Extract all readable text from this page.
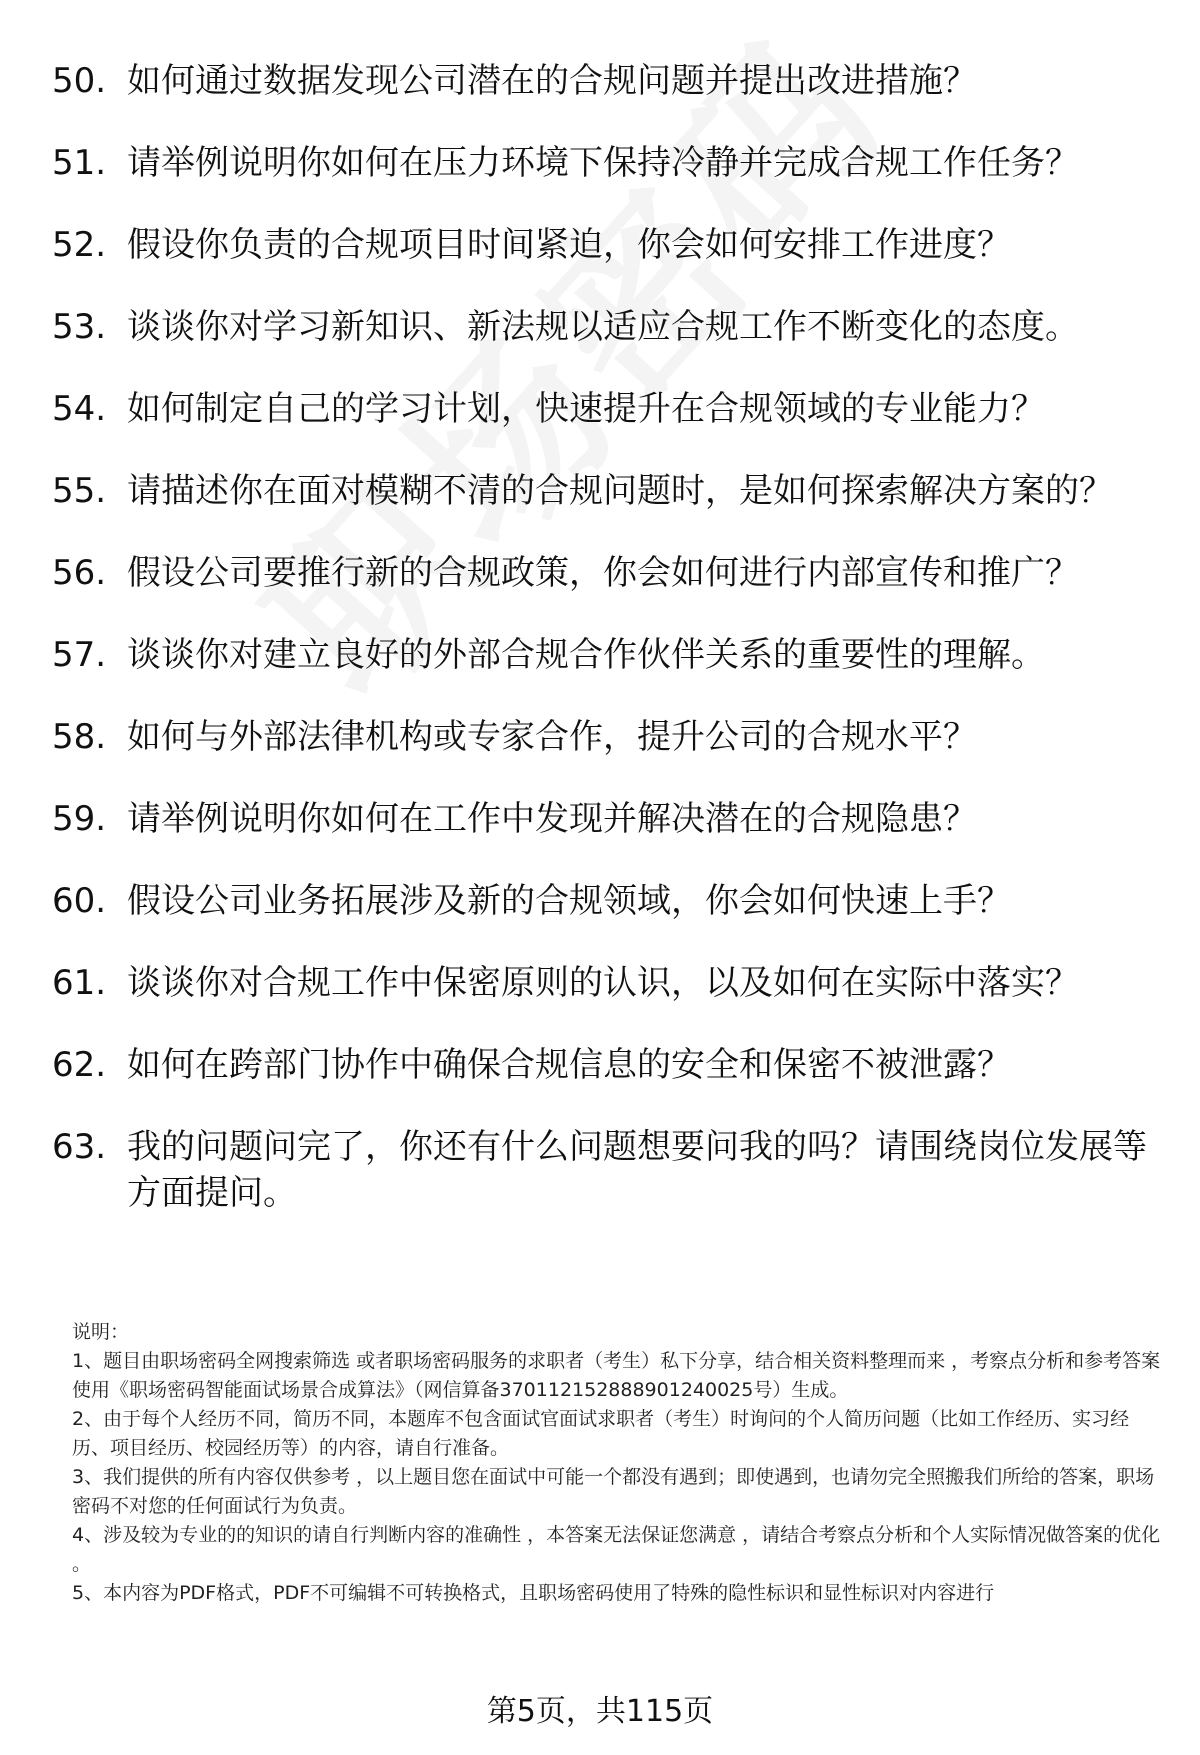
50. 如何通过数据发现公司潜在的合规问题并提出改进措施？
51. 请举例说明你如何在压力环境下保持冷静并完成合规工作任务？
52. 假设你负责的合规项目时间紧迫，你会如何安排工作进度？
53. 谈谈你对学习新知识、新法规以适应合规工作不断变化的态度。
54. 如何制定自己的学习计划，快速提升在合规领域的专业能力？
55. 请描述你在面对模糊不清的合规问题时，是如何探索解决方案的？
56. 假设公司要推行新的合规政策，你会如何进行内部宣传和推广？
57. 谈谈你对建立良好的外部合规合作伙伴关系的重要性的理解。
58. 如何与外部法律机构或专家合作，提升公司的合规水平？
59. 请举例说明你如何在工作中发现并解决潜在的合规隐患？
60. 假设公司业务拓展涉及新的合规领域，你会如何快速上手？
61. 谈谈你对合规工作中保密原则的认识，以及如何在实际中落实？
62. 如何在跨部门协作中确保合规信息的安全和保密不被泄露？
63. 我的问题问完了，你还有什么问题想要问我的吗？请围绕岗位发展等方面提问。
说明：

1、题目由职场密码全网搜索筛选 或者职场密码服务的求职者（考生）私下分享，结合相关资料整理而来 ，考察点分析和参考答案使用《职场密码智能面试场景合成算法》（网信算备370112152888901240025号）生成。

2、由于每个人经历不同，简历不同，本题库不包含面试官面试求职者（考生）时询问的个人简历问题（比如工作经历、实习经历、项目经历、校园经历等）的内容，请自行准备。

3、我们提供的所有内容仅供参考 ，以上题目您在面试中可能一个都没有遇到；即使遇到，也请勿完全照搬我们所给的答案，职场密码不对您的任何面试行为负责。

4、涉及较为专业的的知识的请自行判断内容的准确性 ，本答案无法保证您满意 ，请结合考察点分析和个人实际情况做答案的优化 。

5、本内容为PDF格式，PDF不可编辑不可转换格式，且职场密码使用了特殊的隐性标识和显性标识对内容进行

第5页，共115页
